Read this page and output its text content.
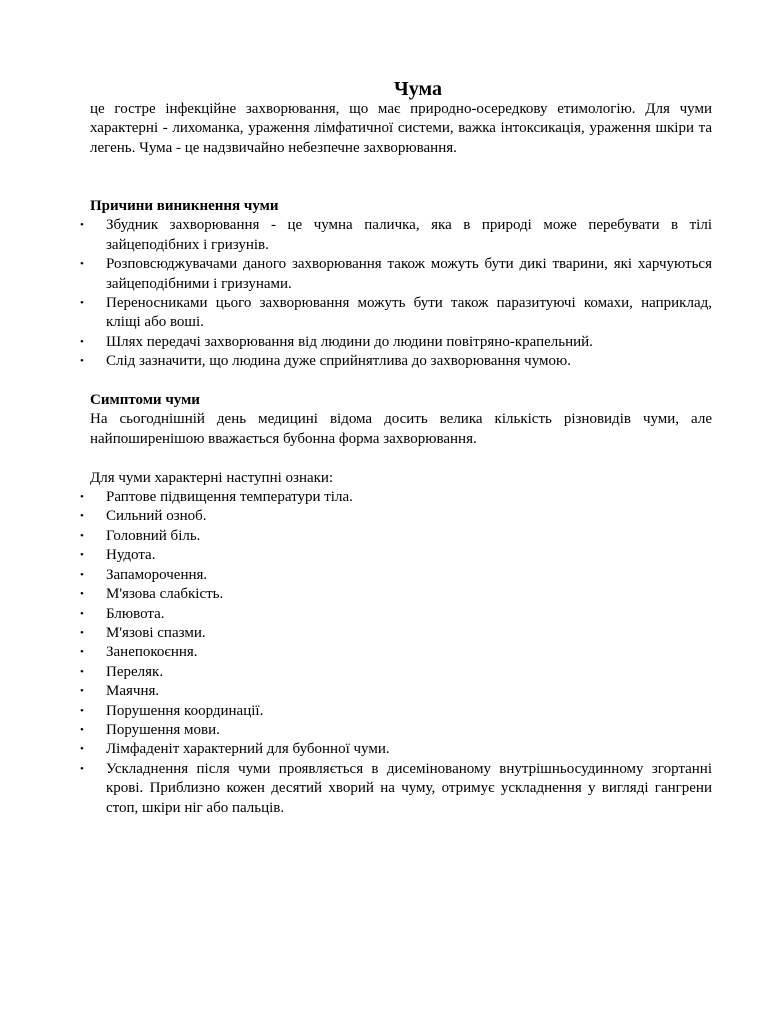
Чума

це гостре інфекційне захворювання, що має природно-осередкову етимологію. Для чуми характерні - лихоманка, ураження лімфатичної системи, важка інтоксикація, ураження шкіри та легень. Чума - це надзвичайно небезпечне захворювання.

Причини виникнення чуми
• Збудник захворювання - це чумна паличка, яка в природі може перебувати в тілі зайцеподібних і гризунів.
• Розповсюджувачами даного захворювання також можуть бути дикі тварини, які харчуються зайцеподібними і гризунами.
• Переносниками цього захворювання можуть бути також паразитуючі комахи, наприклад, кліщі або воші.
• Шлях передачі захворювання від людини до людини повітряно-крапельний.
• Слід зазначити, що людина дуже сприйнятлива до захворювання чумою.
Симптоми чуми

На сьогоднішній день медицині відома досить велика кількість різновидів чуми, але найпоширенішою вважається бубонна форма захворювання.

Для чуми характерні наступні ознаки:

• Раптове підвищення температури тіла.
• Сильний озноб.
• Головний біль.
• Нудота.
• Запаморочення.
• М'язова слабкість.
• Блювота.
• М'язові спазми.
• Занепокоєння.
• Переляк.
• Маячня.
• Порушення координації.
• Порушення мови.
• Лімфаденіт характерний для бубонної чуми.
• Ускладнення після чуми проявляється в дисемінованому внутрішньосудинному згортанні крові. Приблизно кожен десятий хворий на чуму, отримує ускладнення у вигляді гангрени стоп, шкіри ніг або пальців.
